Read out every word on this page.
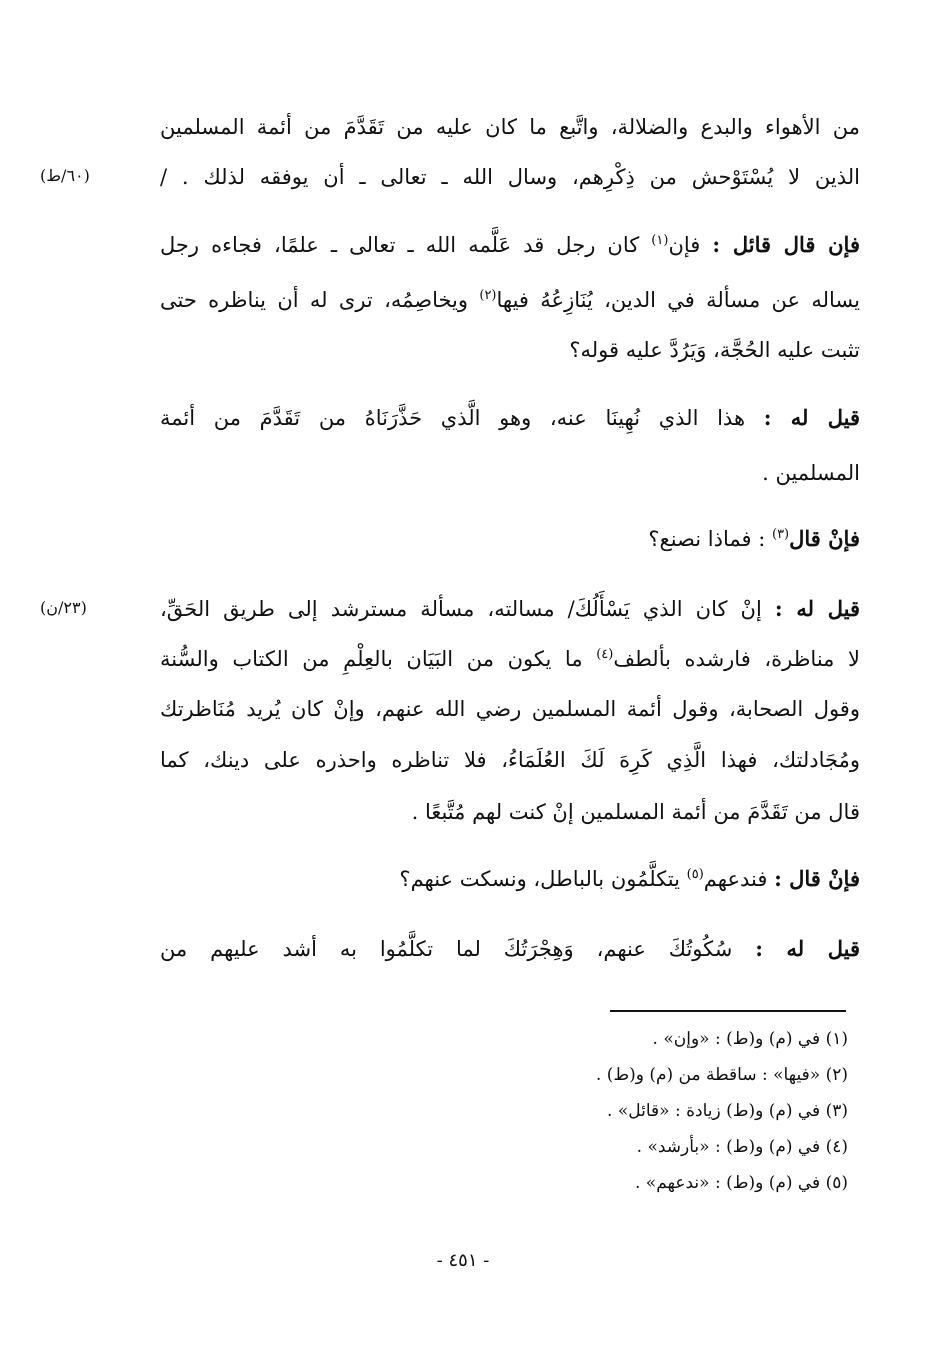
من الأهواء والبدع والضلالة، واتَّبع ما كان عليه من تَقَدَّمَ من أئمة المسلمين
الذين لا يُسْتَوْحش من ذِكْرِهم، وسال الله ـ تعالى ـ أن يوفقه لذلك . /
(٦٠/ط)
فإن قال قائل : فإن$^{(١)}$ كان رجل قد عَلَّمه الله ـ تعالى ـ علمًا، فجاءه رجل
يساله عن مسألة في الدين، يُنَازِعُهُ فيها$^{(٢)}$ ويخاصِمُه، ترى له أن يناظره حتى
تثبت عليه الحُجَّة، وَيَرُدَّ عليه قوله؟
قيل له : هذا الذي نُهِينَا عنه، وهو الَّذي حَذَّرَنَاهُ من تَقَدَّمَ من أئمة
المسلمين .
فإنْ قال$^{(٣)}$ : فماذا نصنع؟
قيل له : إنْ كان الذي يَسْأَلُكَ/ مسالته، مسألة مسترشد إلى طريق الحَقِّ،
(٢٣/ن)
لا مناظرة، فارشده بألطف$^{(٤)}$ ما يكون من البَيَان بالعِلْمِ من الكتاب والسُّنة
وقول الصحابة، وقول أئمة المسلمين رضي الله عنهم، وإنْ كان يُريد مُنَاظرتك
ومُجَادلتك، فهذا الَّذِي كَرِهَ لَكَ العُلَمَاءُ، فلا تناظره واحذره على دينك، كما
قال من تَقَدَّمَ من أئمة المسلمين إنْ كنت لهم مُتَّبعًا .
فإنْ قال : فندعهم$^{(٥)}$ يتكلَّمُون بالباطل، ونسكت عنهم؟
قيل له : سُكُوتُكَ عنهم، وَهِجْرَتُكَ لما تكلَّمُوا به أشد عليهم من
(١) في (م) و(ط) : «وإن» .
(٢) «فيها» : ساقطة من (م) و(ط) .
(٣) في (م) و(ط) زيادة : «قائل» .
(٤) في (م) و(ط) : «بأرشد» .
(٥) في (م) و(ط) : «ندعهم» .
- ٤٥١ -
